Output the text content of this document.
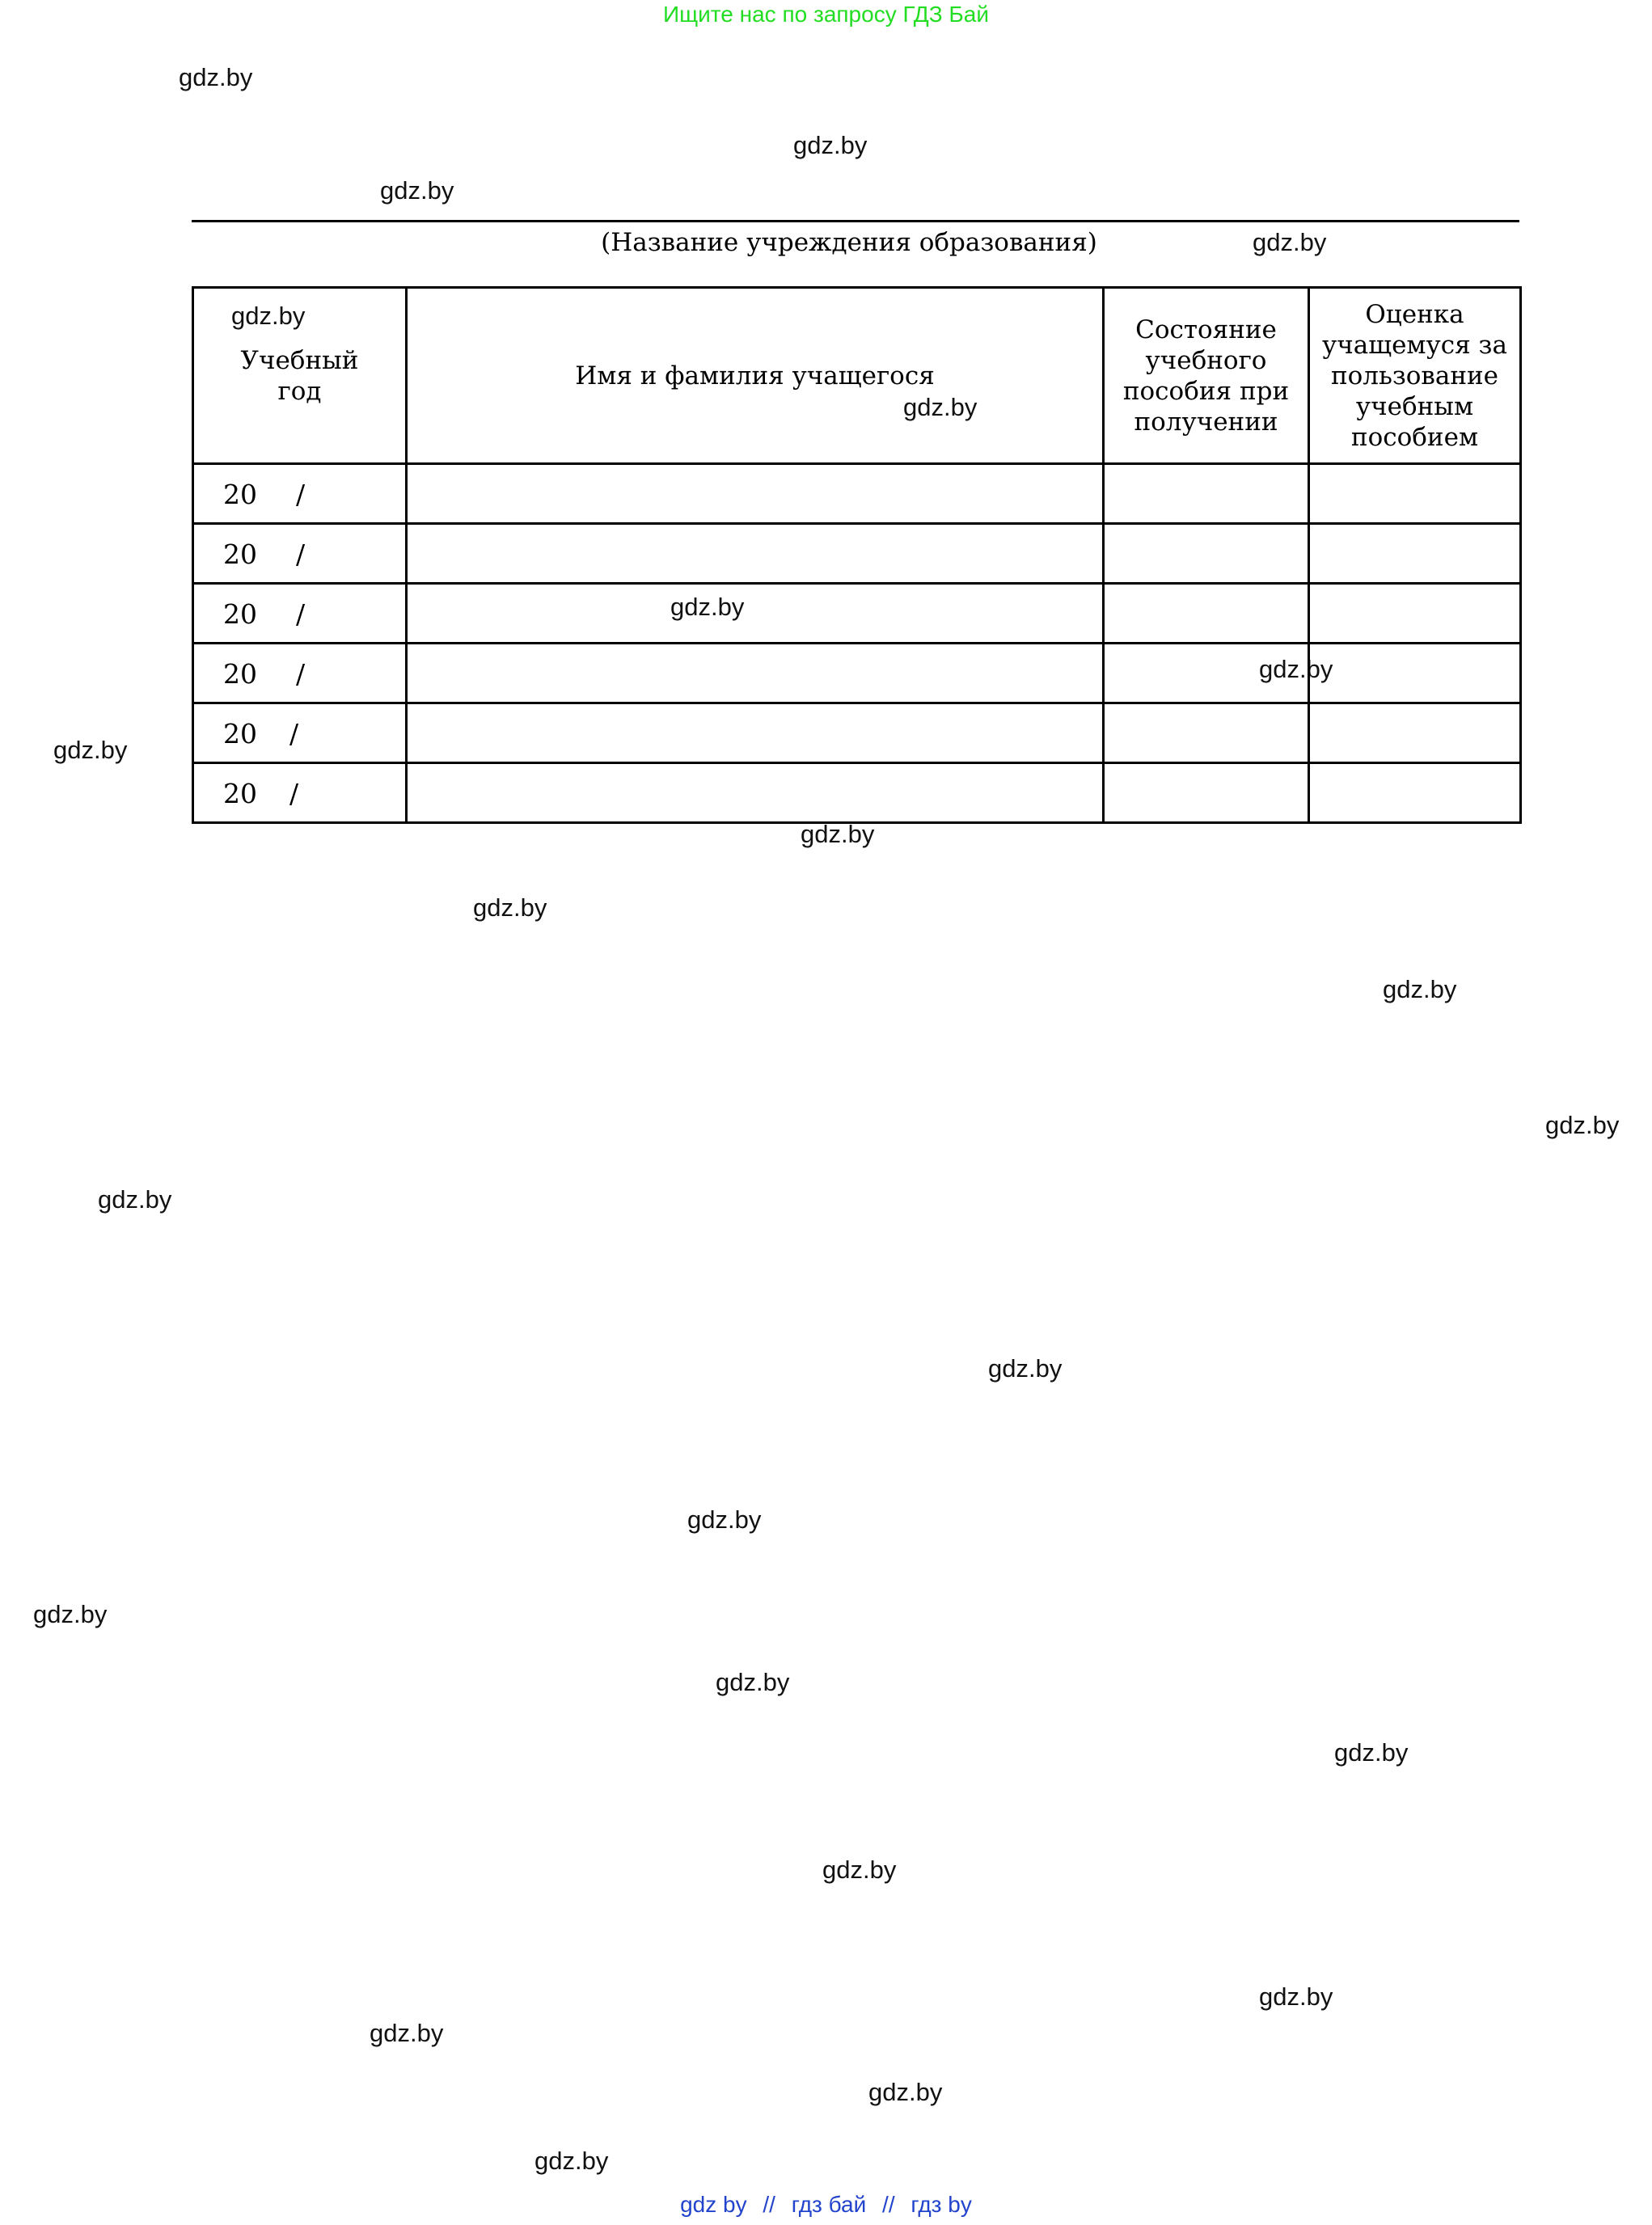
Ищите нас по запросу ГДЗ Бай
gdz.by
gdz.by
gdz.by
gdz.by
gdz.by
gdz.by
gdz.by
gdz.by
gdz.by
gdz.by
gdz.by
gdz.by
gdz.by
gdz.by
gdz.by
gdz.by
gdz.by
gdz.by
gdz.by
gdz.by
gdz.by
gdz.by
gdz.by
gdz.by
(Название учреждения образования)
Учебный год	Имя и фамилия учащегося	Состояние учебного пособия при получении	Оценка учащемуся за пользование учебным пособием

20 /			

20 /			

20 /			

20 /			

20 /			

20 /			

gdz by // гдз бай // гдз by
